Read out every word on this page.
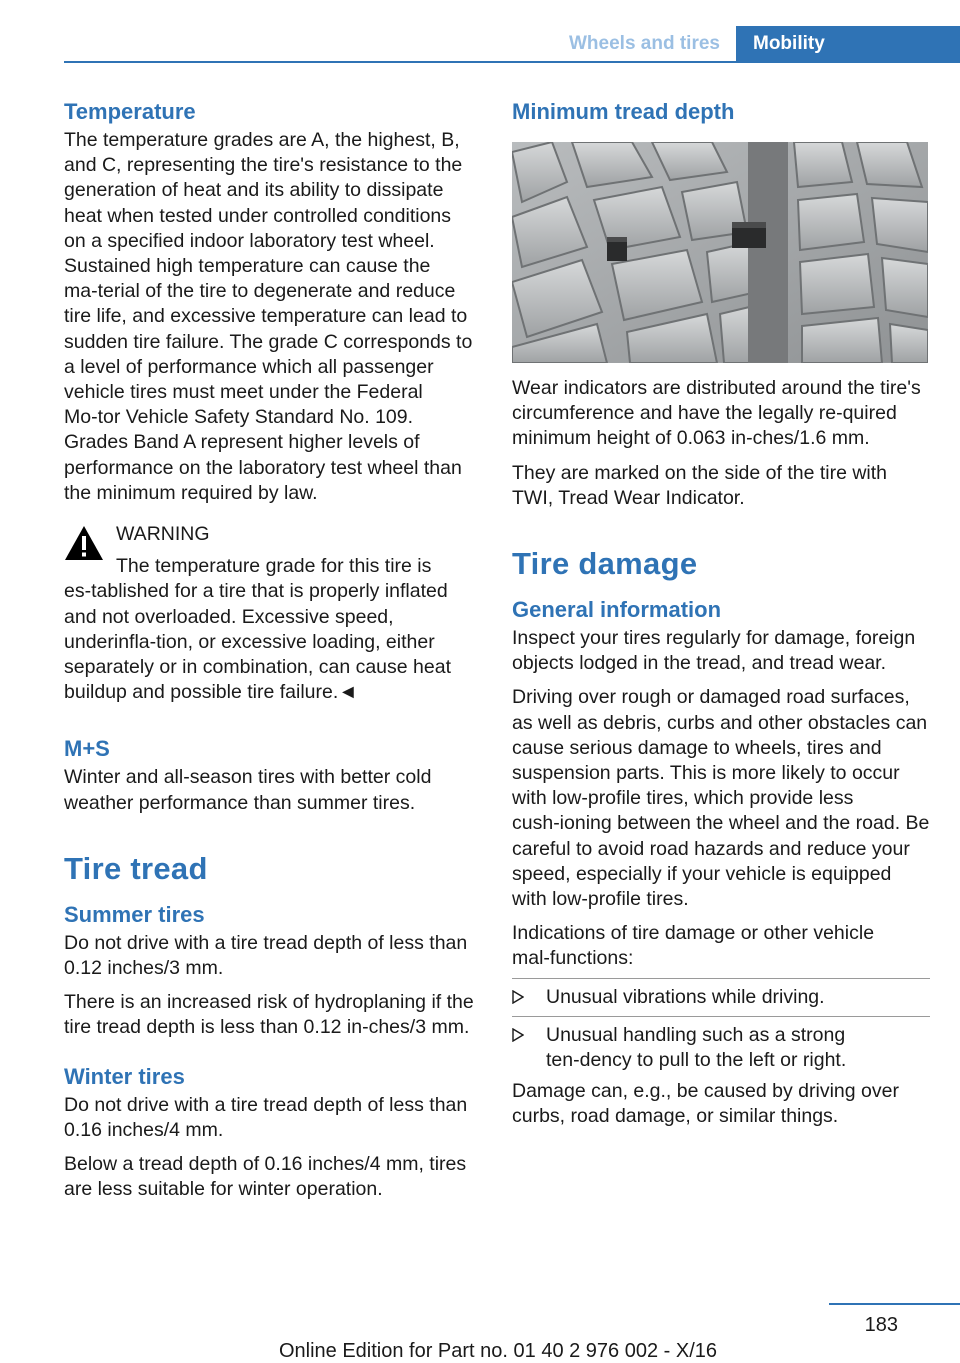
Wheels and tires	Mobility
Temperature

The temperature grades are A, the highest, B, and C, representing the tire's resistance to the generation of heat and its ability to dissipate heat when tested under controlled conditions on a specified indoor laboratory test wheel. Sustained high temperature can cause the ma‑terial of the tire to degenerate and reduce tire life, and excessive temperature can lead to sudden tire failure. The grade C corresponds to a level of performance which all passenger vehicle tires must meet under the Federal Mo‑tor Vehicle Safety Standard No. 109. Grades Band A represent higher levels of performance on the laboratory test wheel than the minimum required by law.

WARNING

The temperature grade for this tire is es‑tablished for a tire that is properly inflated and not overloaded. Excessive speed, underinfla‑tion, or excessive loading, either separately or in combination, can cause heat buildup and possible tire failure.◄

M+S

Winter and all-season tires with better cold weather performance than summer tires.

Tire tread
Summer tires

Do not drive with a tire tread depth of less than 0.12 inches/3 mm.

There is an increased risk of hydroplaning if the tire tread depth is less than 0.12 in‑ches/3 mm.

Winter tires

Do not drive with a tire tread depth of less than 0.16 inches/4 mm.

Below a tread depth of 0.16 inches/4 mm, tires are less suitable for winter operation.

Minimum tread depth

Wear indicators are distributed around the tire's circumference and have the legally re‑quired minimum height of 0.063 in‑ches/1.6 mm.

They are marked on the side of the tire with TWI, Tread Wear Indicator.

Tire damage
General information

Inspect your tires regularly for damage, foreign objects lodged in the tread, and tread wear.

Driving over rough or damaged road surfaces, as well as debris, curbs and other obstacles can cause serious damage to wheels, tires and suspension parts. This is more likely to occur with low-profile tires, which provide less cush‑ioning between the wheel and the road. Be careful to avoid road hazards and reduce your speed, especially if your vehicle is equipped with low-profile tires.

Indications of tire damage or other vehicle mal‑functions:

Unusual vibrations while driving.
Unusual handling such as a strong ten‑dency to pull to the left or right.

Damage can, e.g., be caused by driving over curbs, road damage, or similar things.

183
Online Edition for Part no. 01 40 2 976 002 - X/16
